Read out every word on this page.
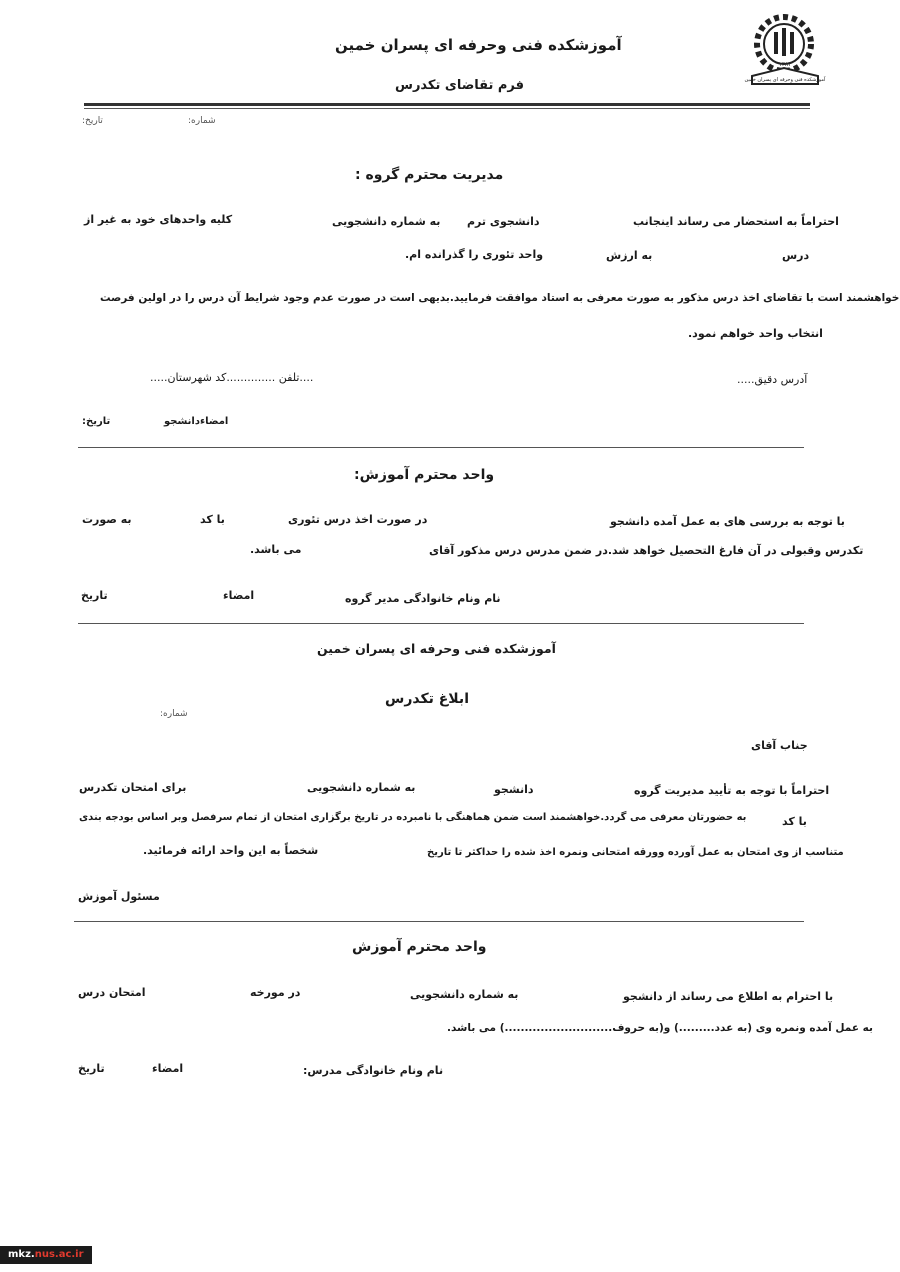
آموزشکده فنی وحرفه ای پسران خمین
فرم تقاضای تکدرس	آموزشکده فنی وحرفه ای پسران خمین
۱۳۸۳
شماره:
تاریخ:
مدیریت محترم گروه :
احتراماً به استحضار می رساند اینجانب
دانشجوی ترم
به شماره دانشجویی
کلیه واحدهای خود به غیر از
درس
به ارزش
واحد تئوری را گذرانده ام.
خواهشمند است با تقاضای اخذ درس مذکور به صورت معرفی به استاد موافقت فرمایید.بدیهی است در صورت عدم وجود شرایط آن درس را در اولین فرصت
انتخاب واحد خواهم نمود.
آدرس دقیق.....
....تلفن ..............کد شهرستان.....
امضاءدانشجو
تاریخ:
واحد محترم آموزش:
با توجه به بررسی های به عمل آمده دانشجو
در صورت اخذ درس تئوری
با کد
به صورت
تکدرس وقبولی در آن فارغ التحصیل خواهد شد.در ضمن مدرس درس مذکور آقای
می باشد.
نام ونام خانوادگی مدیر گروه
امضاء
تاریخ
آموزشکده فنی وحرفه ای پسران خمین
ابلاغ تکدرس
شماره:
جناب آقای
احتراماً با توجه به تأیید مدیریت گروه
دانشجو
به شماره دانشجویی
برای امتحان تکدرس
با کد
به حضورتان معرفی می گردد.خواهشمند است ضمن هماهنگی با نامبرده در تاریخ برگزاری امتحان از تمام سرفصل وبر اساس بودجه بندی
متناسب از وی امتحان به عمل آورده وورقه امتحانی ونمره اخذ شده را حداکثر تا تاریخ
شخصاً به این واحد ارائه فرمائید.
مسئول آموزش
واحد محترم آموزش
با احترام به اطلاع می رساند از دانشجو
به شماره دانشجویی
در مورخه
امتحان درس
به عمل آمده ونمره وی (به عدد.........) و(به حروف...........................) می باشد.
نام ونام خانوادگی مدرس:
امضاء
تاریخ
mkz.nus.ac.ir
